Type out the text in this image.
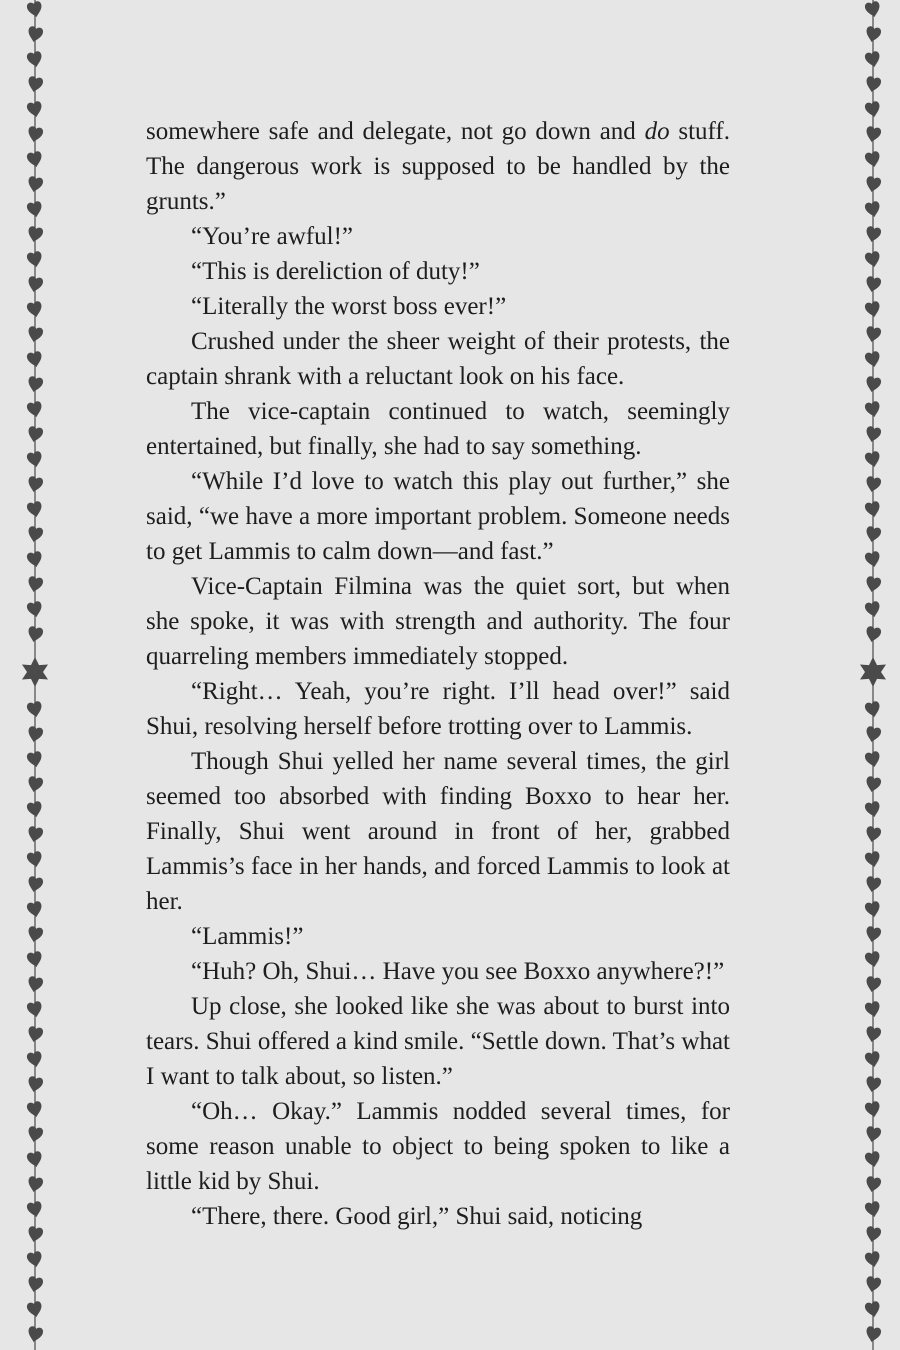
somewhere safe and delegate, not go down and do stuff. The dangerous work is supposed to be handled by the grunts.”

“You’re awful!”

“This is dereliction of duty!”

“Literally the worst boss ever!”

Crushed under the sheer weight of their protests, the captain shrank with a reluctant look on his face.

The vice-captain continued to watch, seemingly entertained, but finally, she had to say something.

“While I’d love to watch this play out further,” she said, “we have a more important problem. Someone needs to get Lammis to calm down—and fast.”

Vice-Captain Filmina was the quiet sort, but when she spoke, it was with strength and authority. The four quarreling members immediately stopped.

“Right… Yeah, you’re right. I’ll head over!” said Shui, resolving herself before trotting over to Lammis.

Though Shui yelled her name several times, the girl seemed too absorbed with finding Boxxo to hear her. Finally, Shui went around in front of her, grabbed Lammis’s face in her hands, and forced Lammis to look at her.

“Lammis!”

“Huh? Oh, Shui… Have you see Boxxo anywhere?!”

Up close, she looked like she was about to burst into tears. Shui offered a kind smile. “Settle down. That’s what I want to talk about, so listen.”

“Oh… Okay.” Lammis nodded several times, for some reason unable to object to being spoken to like a little kid by Shui.

“There, there. Good girl,” Shui said, noticing
